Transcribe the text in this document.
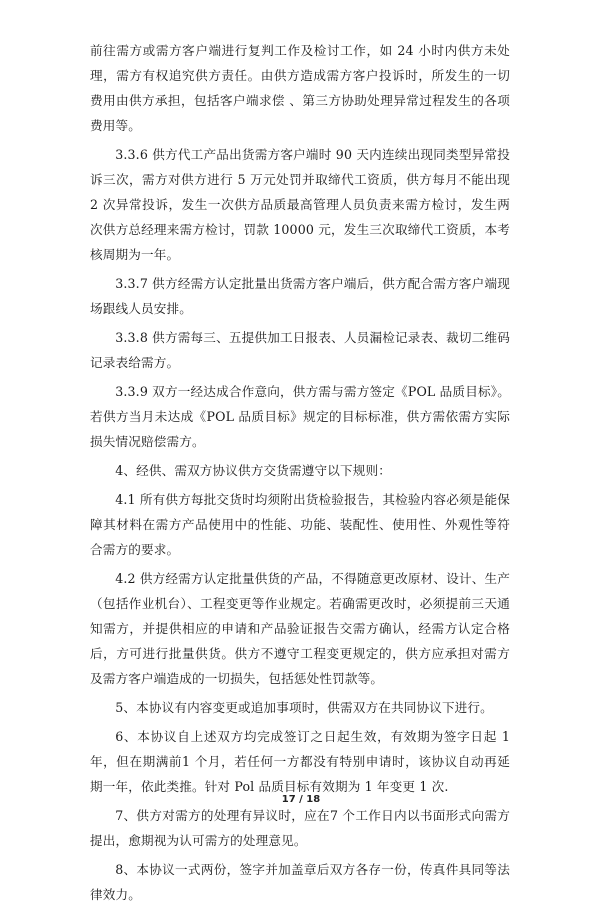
前往需方或需方客户端进行复判工作及检讨工作，如 24 小时内供方未处理，需方有权追究供方责任。由供方造成需方客户投诉时，所发生的一切费用由供方承担，包括客户端求偿 、第三方协助处理异常过程发生的各项费用等。

3.3.6 供方代工产品出货需方客户端时 90 天内连续出现同类型异常投诉三次，需方对供方进行 5 万元处罚并取缔代工资质，供方每月不能出现 2 次异常投诉，发生一次供方品质最高管理人员负责来需方检讨，发生两次供方总经理来需方检讨，罚款 10000 元，发生三次取缔代工资质，本考核周期为一年。

3.3.7 供方经需方认定批量出货需方客户端后，供方配合需方客户端现场跟线人员安排。

3.3.8 供方需每三、五提供加工日报表、人员漏检记录表、裁切二维码记录表给需方。

3.3.9 双方一经达成合作意向，供方需与需方签定《POL 品质目标》。若供方当月未达成《POL 品质目标》规定的目标标准，供方需依需方实际损失情况赔偿需方。

4、经供、需双方协议供方交货需遵守以下规则：

4.1 所有供方每批交货时均须附出货检验报告，其检验内容必须是能保障其材料在需方产品使用中的性能、功能、装配性、使用性、外观性等符合需方的要求。

4.2 供方经需方认定批量供货的产品，不得随意更改原材、设计、生产（包括作业机台）、工程变更等作业规定。若确需更改时，必须提前三天通知需方，并提供相应的申请和产品验证报告交需方确认，经需方认定合格后，方可进行批量供货。供方不遵守工程变更规定的，供方应承担对需方及需方客户端造成的一切损失，包括惩处性罚款等。

5、本协议有内容变更或追加事项时，供需双方在共同协议下进行。

6、本协议自上述双方均完成签订之日起生效，有效期为签字日起 1 年，但在期满前1 个月，若任何一方都没有特别申请时，该协议自动再延期一年，依此类推。针对 Pol 品质目标有效期为 1 年变更 1 次.

7、供方对需方的处理有异议时，应在7 个工作日内以书面形式向需方提出，愈期视为认可需方的处理意见。

8、本协议一式两份，签字并加盖章后双方各存一份，传真件具同等法律效力。

17 / 18
